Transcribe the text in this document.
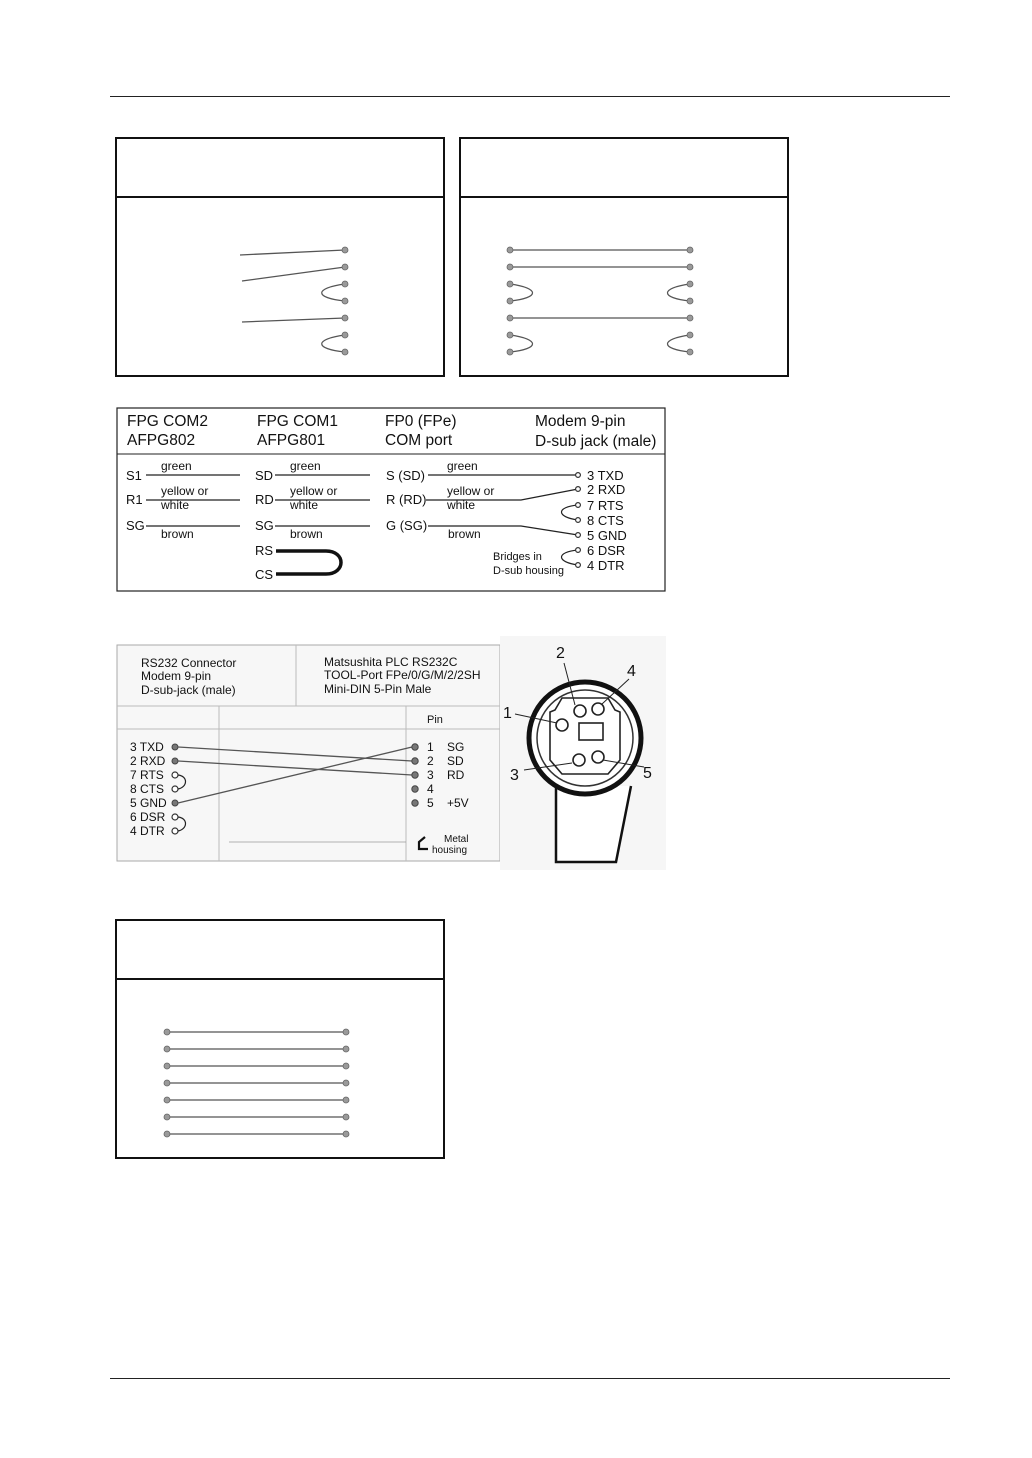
FPG COM2
AFPG802
FPG COM1
AFPG801
FP0 (FPe)
COM port
Modem 9-pin
D-sub jack (male)
S1
R1
SG
green
yellow or
white
brown
SD
RD
SG
RS
CS
green
yellow or
white
brown
S (SD)
R (RD)
G (SG)
green
yellow or
white
brown
3 TXD
2 RXD
7 RTS
8 CTS
5 GND
6 DSR
4 DTR
Bridges in
D-sub housing
RS232 Connector
Modem 9-pin
D-sub-jack (male)
Matsushita PLC RS232C
TOOL-Port FPe/0/G/M/2/2SH
Mini-DIN 5-Pin Male
Pin
3 TXD
2 RXD
7 RTS
8 CTS
5 GND
6 DSR
4 DTR
1
2
3
4
5
SG
SD
RD
+5V
Metal
housing
1
2
3
4
5
